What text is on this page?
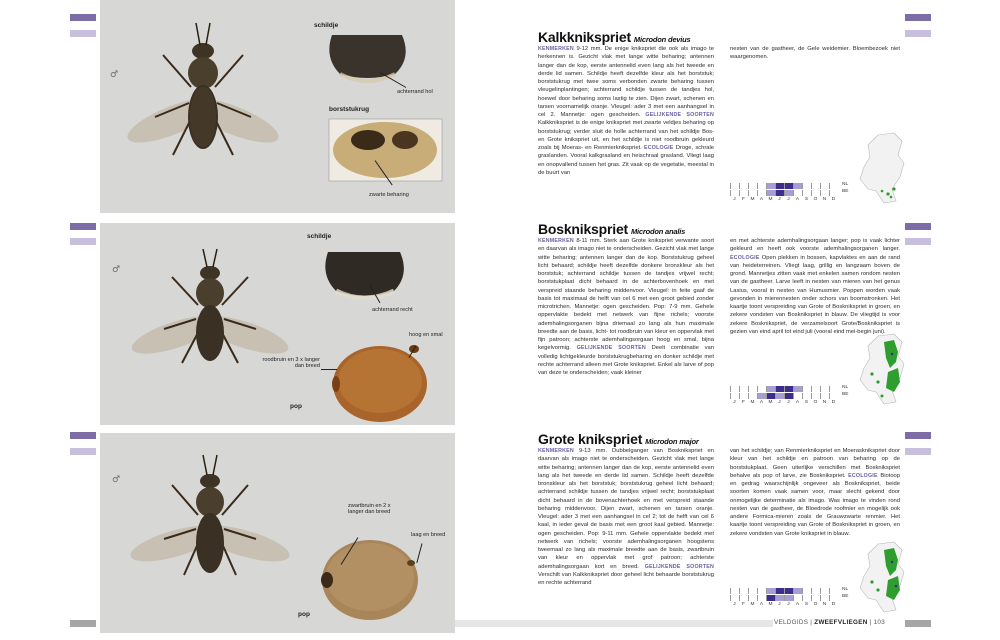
♂
schildje
borststukrug
achterrand hol
zwarte beharing
Kalkknikspriet Microdon devius
KENMERKEN 9-12 mm. De enige knikspriet die ook als imago te herkennen is. Gezicht vlak met lange witte beharing; antennen langer dan de kop, eerste antennelid even lang als het tweede en derde lid samen. Schildje heeft dezelfde kleur als het borststuk; borststukrug met twee soms verbonden zwarte beharing tussen vleugelinplantingen; achterrand schildje tussen de tandjes hol, hoewel door beharing soms lastig te zien. Dijen zwart, schenen en tarsen voornamelijk oranje. Vleugel: ader 3 met een aanhangsel in cel 2. Mannetje: ogen gescheiden. GELIJKENDE SOORTEN Kalkknikspriet is de enige knikspriet met zwarte veldjes beharing op borststukrug; verder sluit de holle achterrand van het schildje Bos- en Grote knikspriet uit, en het schildje is niet roodbruin gekleurd zoals bij Moeras- en Renmierknikspriet. ECOLOGIE Droge, schrale graslanden. Vooral kalkgrasland en heischraal grasland. Vliegt laag en onopvallend tussen het gras. Zit vaak op de vegetatie, meestal in de buurt van
nesten van de gastheer, de Gele weidemier. Bloembezoek niet waargenomen.
NL
BE
J	F	M	A	M	J	J	A	S	O	N	D
♂
schildje
pop
achterrand recht
hoog en smal
roodbruin en 3 x langer dan breed
Bosknikspriet Microdon analis
KENMERKEN 8-11 mm. Sterk aan Grote knikspriet verwante soort en daarvan als imago niet te onderscheiden. Gezicht vlak met lange witte beharing; antennen langer dan de kop. Borststukrug geheel licht behaard; schildje heeft dezelfde donkere bronskleur als het borststuk; achterrand schildje tussen de tandjes vrijwel recht; borststukplaat dicht behaard in de achterbovenhoek en met verspreid staande beharing middenvoor. Vleugel: in feite gaaf de basis tot maximaal de helft van cel 6 met een groot gebied zonder microtrichen. Mannetje: ogen gescheiden. Pop: 7-9 mm. Gehele oppervlakte bedekt met netwerk van fijne richels; voorste ademhalingsorganen bijna driemaal zo lang als hun maximale breedte aan de basis, licht- tot roodbruin van kleur en oppervlak met fijn patroon; achterste ademhalingsorgaan hoog en smal, bijna kegelvormig. GELIJKENDE SOORTEN Deelt combinatie van volledig lichtgekleurde borststukrugbeharing en donker schildje met rechte achterrand alleen met Grote knikspriet. Enkel als larve of pop van deze te onderscheiden; vaak kleiner
en met achterste ademhalingsorgaan langer; pop is vaak lichter gekleurd en heeft ook voorste ademhalingsorganen langer. ECOLOGIE Open plekken in bossen, kapvlaktes en aan de rand van heideterreinen. Vliegt laag, grillig en langzaam boven de grond. Mannetjes zitten vaak met enkelen samen rondom nesten van de gastheer. Larve leeft in nesten van mieren van het genus Lasius, vooral in nesten van Humusmier. Poppen worden vaak gevonden in mierennesten onder schors van boomstronken. Het kaartje toont verspreiding van Grote of Bosknikspriet in groen, en zekere vondsten van Bosknikspriet in blauw. De vliegtijd is voor zekere Bosknikspriet, de verzamelsoort Grote/Bosknikspriet is gezien van eind april tot eind juli (vooral eind mei-begin juni).
NL
BE
J	F	M	A	M	J	J	A	S	O	N	D
♂
pop
zwartbruin en 2 x langer dan breed
laag en breed
Grote knikspriet Microdon major
KENMERKEN 9-13 mm. Dubbelganger van Bosknikspriet en daarvan als imago niet te onderscheiden. Gezicht vlak met lange witte beharing; antennen langer dan de kop, eerste antennelid even lang als het tweede en derde lid samen. Schildje heeft dezelfde bronskleur als het borststuk; borststukrug geheel licht behaard; achterrand schildje tussen de tandjes vrijwel recht; borststukplaat dicht behaard in de bovenachterhoek en met verspreid staande beharing middenvoor. Dijen zwart, schenen en tarsen oranje. Vleugel: ader 3 met een aanhangsel in cel 2; tot de helft van cel 6 kaal, in ieder geval de basis met een groot kaal gebied. Mannetje: ogen gescheiden. Pop: 9-11 mm. Gehele oppervlakte bedekt met netwerk van richels; voorste ademhalingsorganen hoogstens tweemaal zo lang als maximale breedte aan de basis, zwartbruin van kleur en oppervlak met grof patroon; achterste ademhalingsorgaan kort en breed. GELIJKENDE SOORTEN Verschilt van Kalkknikspriet door geheel licht behaarde borststukrug en rechte achterrand
van het schildje; van Renmierknikspriet en Moerasknikspriet door kleur van het schildje en patroon van beharing op de borststukplaat. Geen uiterlijke verschillen met Bosknikspriet behalve als pop of larve, zie Bosknikspriet. ECOLOGIE Biotoop en gedrag waarschijnlijk ongeveer als Bosknikspriet, beide soorten komen vaak samen voor, maar slecht gekend door onmogelijke determinatie als imago. Was imago te vinden rond nesten van de gastheer, de Bloedrode roofmier en mogelijk ook andere Formica-mieren zoals de Grauwzwarte renmier. Het kaartje toont verspreiding van Grote of Bosknikspriet in groen, en zekere vondsten van Grote knikspriet in blauw.
NL
BE
J	F	M	A	M	J	J	A	S	O	N	D
VELDGIDS | ZWEEFVLIEGEN | 103
